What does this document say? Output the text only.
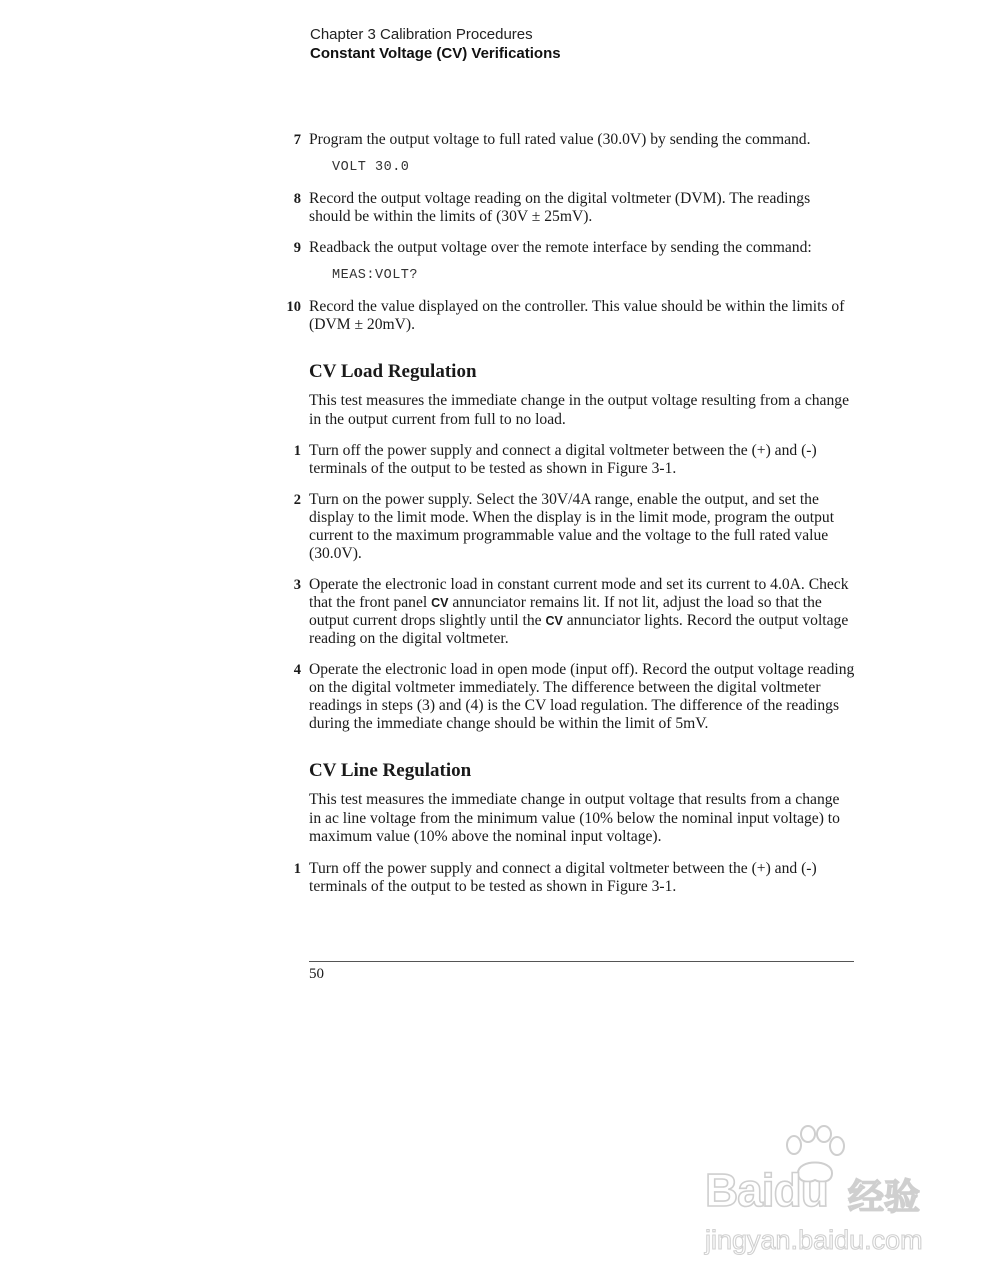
Chapter 3 Calibration Procedures
Constant Voltage (CV) Verifications
7 Program the output voltage to full rated value (30.0V) by sending the command.
VOLT 30.0
8 Record the output voltage reading on the digital voltmeter (DVM). The readings should be within the limits of (30V ± 25mV).
9 Readback the output voltage over the remote interface by sending the command:
MEAS:VOLT?
10 Record the value displayed on the controller. This value should be within the limits of (DVM ± 20mV).
CV Load Regulation

This test measures the immediate change in the output voltage resulting from a change in the output current from full to no load.

1 Turn off the power supply and connect a digital voltmeter between the (+) and (-) terminals of the output to be tested as shown in Figure 3-1.
2 Turn on the power supply. Select the 30V/4A range, enable the output, and set the display to the limit mode. When the display is in the limit mode, program the output current to the maximum programmable value and the voltage to the full rated value (30.0V).
3 Operate the electronic load in constant current mode and set its current to 4.0A. Check that the front panel CV annunciator remains lit. If not lit, adjust the load so that the output current drops slightly until the CV annunciator lights. Record the output voltage reading on the digital voltmeter.
4 Operate the electronic load in open mode (input off). Record the output voltage reading on the digital voltmeter immediately. The difference between the digital voltmeter readings in steps (3) and (4) is the CV load regulation. The difference of the readings during the immediate change should be within the limit of 5mV.
CV Line Regulation

This test measures the immediate change in output voltage that results from a change in ac line voltage from the minimum value (10% below the nominal input voltage) to maximum value (10% above the nominal input voltage).

1 Turn off the power supply and connect a digital voltmeter between the (+) and (-) terminals of the output to be tested as shown in Figure 3-1.
50
Baidu 经验
jingyan.baidu.com
